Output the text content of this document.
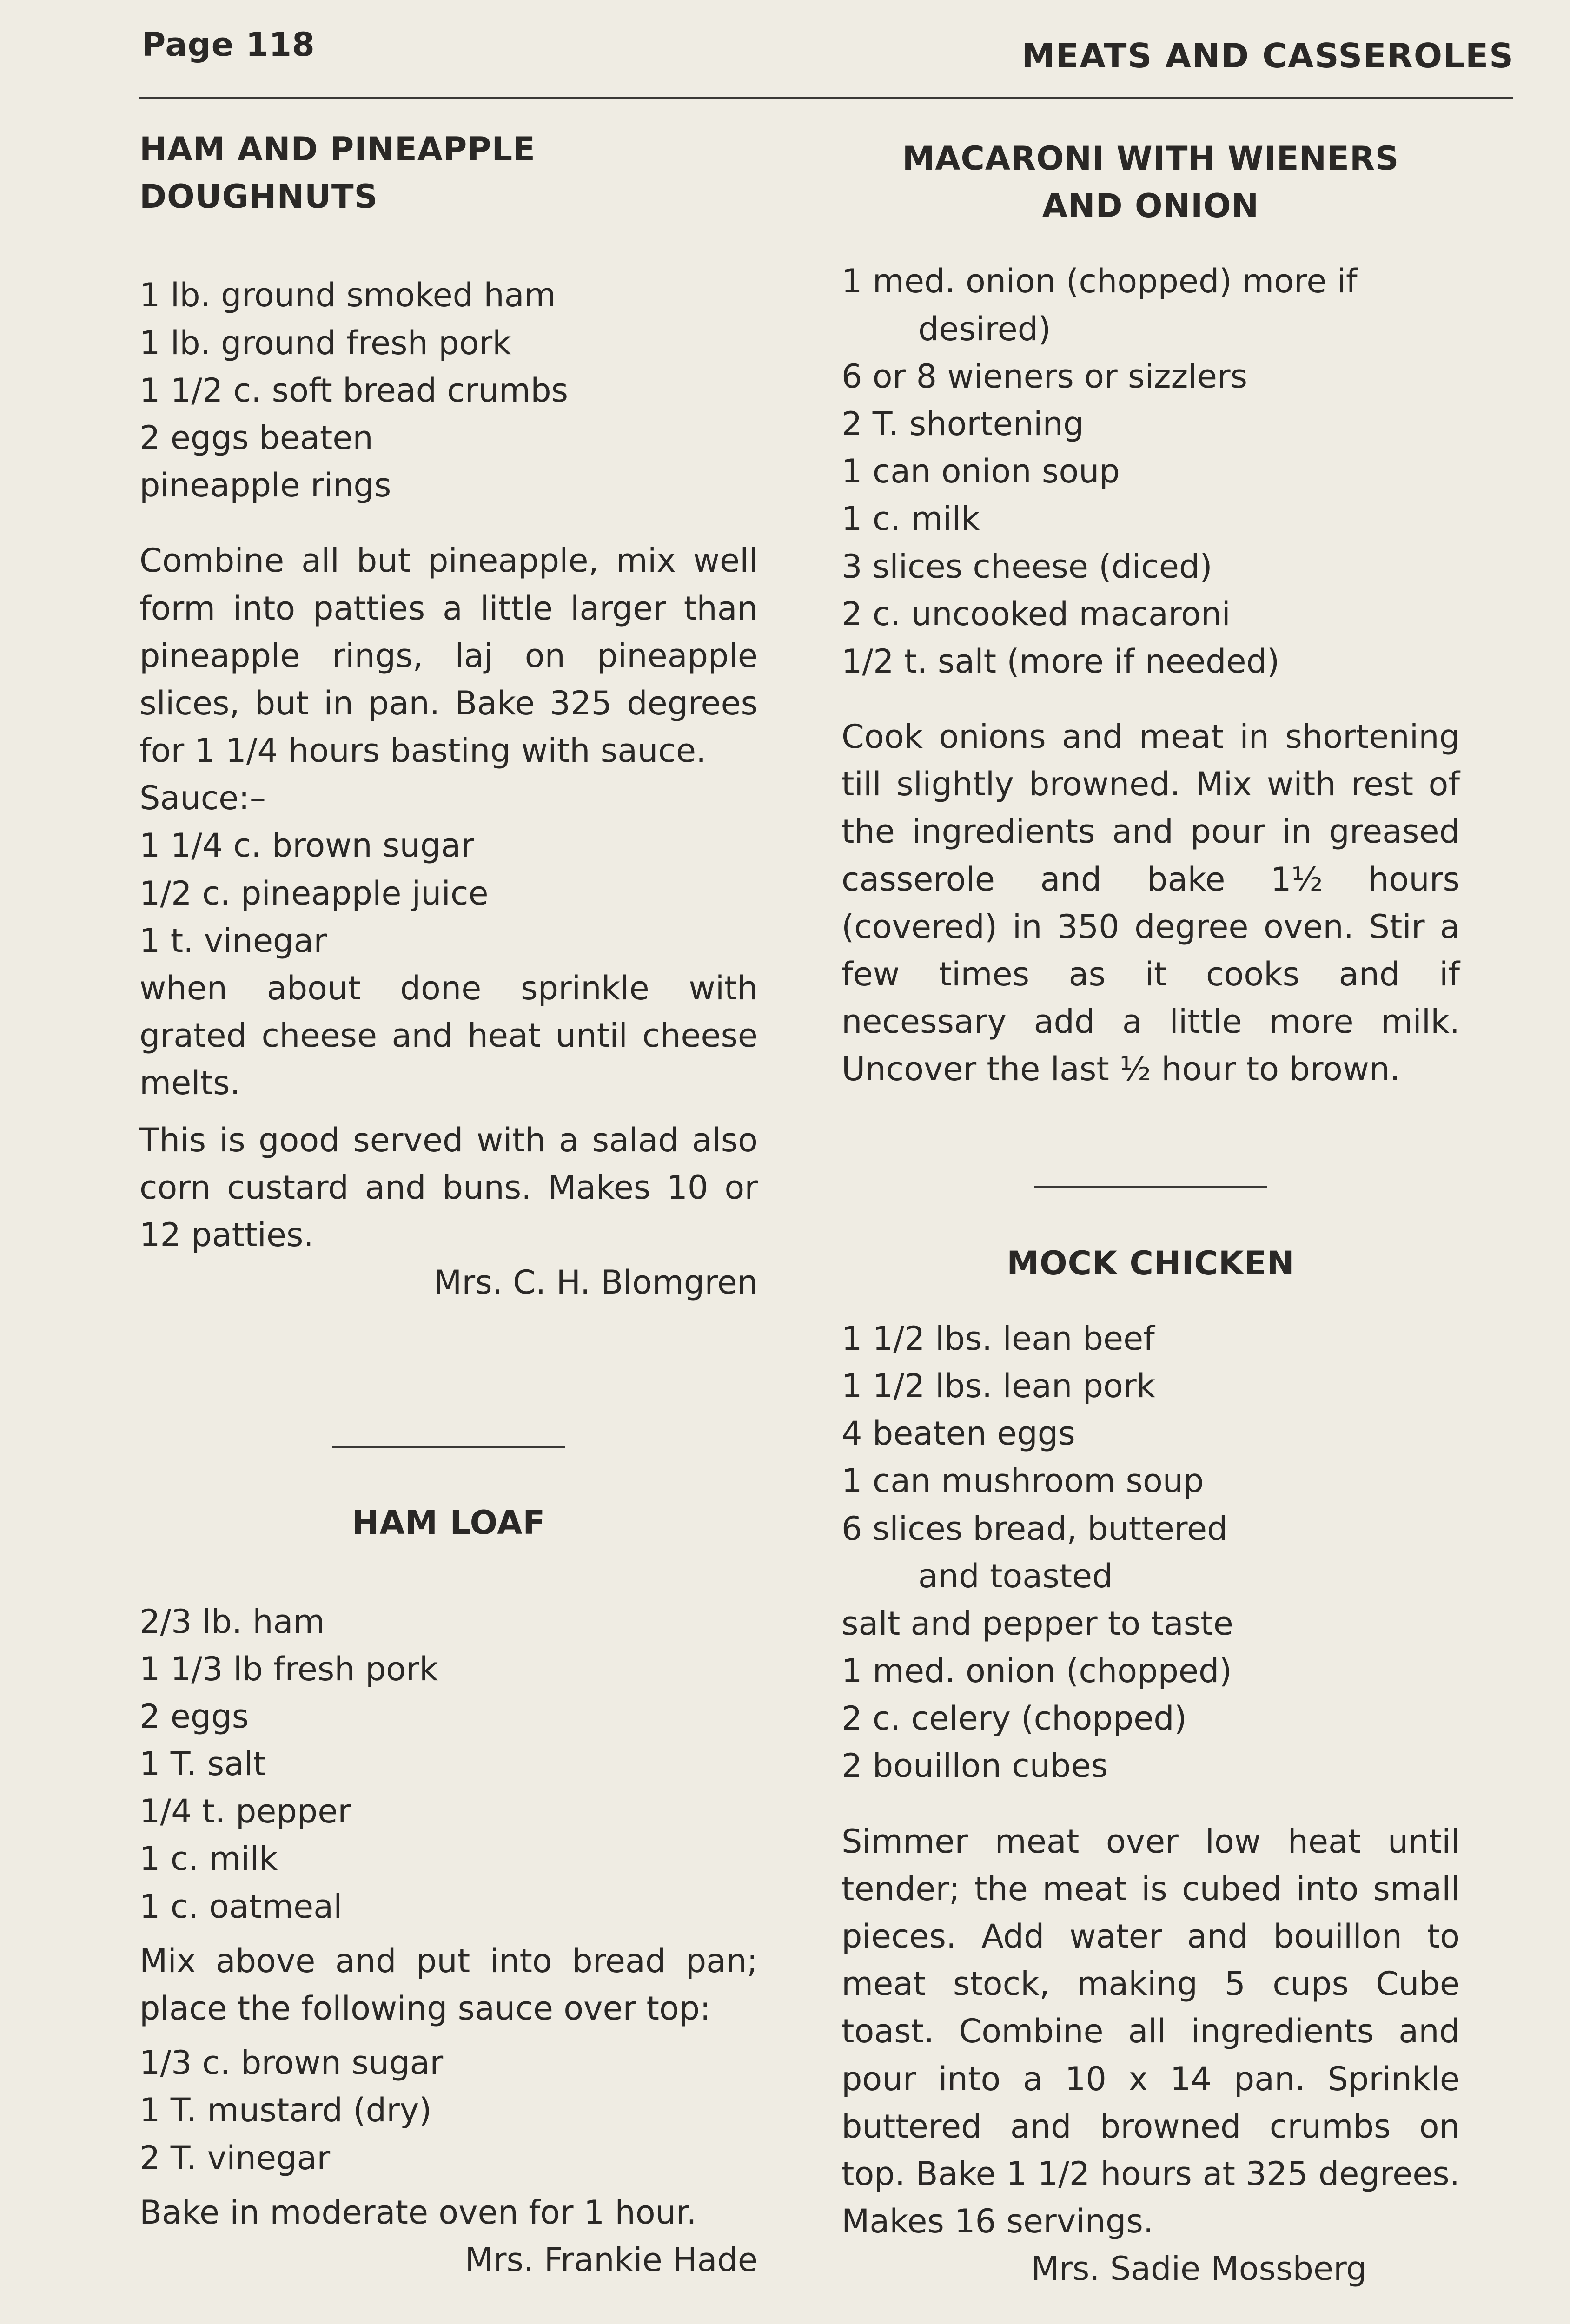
Page 118	MEATS AND CASSEROLES
HAM AND PINEAPPLE DOUGHNUTS
1 lb. ground smoked ham
1 lb. ground fresh pork
1 1/2 c. soft bread crumbs
2 eggs beaten
pineapple rings
Combine all but pineapple, mix well form into patties a little larger than pineapple rings, laj on pineapple slices, but in pan. Bake 325 degrees for 1 1/4 hours basting with sauce.
Sauce:–
1 1/4 c. brown sugar
1/2 c. pineapple juice
1 t. vinegar
when about done sprinkle with grated cheese and heat until cheese melts.
This is good served with a salad also corn custard and buns. Makes 10 or 12 patties.
Mrs. C. H. Blomgren
HAM LOAF
2/3 lb. ham
1 1/3 lb fresh pork
2 eggs
1 T. salt
1/4 t. pepper
1 c. milk
1 c. oatmeal
Mix above and put into bread pan; place the following sauce over top:
1/3 c. brown sugar
1 T. mustard (dry)
2 T. vinegar
Bake in moderate oven for 1 hour.
Mrs. Frankie Hade
MACARONI WITH WIENERS
AND ONION
1 med. onion (chopped) more if
desired)
6 or 8 wieners or sizzlers
2 T. shortening
1 can onion soup
1 c. milk
3 slices cheese (diced)
2 c. uncooked macaroni
1/2 t. salt (more if needed)
Cook onions and meat in shortening till slightly browned. Mix with rest of the ingredients and pour in greased casserole and bake 1½ hours (covered) in 350 degree oven. Stir a few times as it cooks and if necessary add a little more milk. Uncover the last ½ hour to brown.
MOCK CHICKEN
1 1/2 lbs. lean beef
1 1/2 lbs. lean pork
4 beaten eggs
1 can mushroom soup
6 slices bread, buttered
and toasted
salt and pepper to taste
1 med. onion (chopped)
2 c. celery (chopped)
2 bouillon cubes
Simmer meat over low heat until tender; the meat is cubed into small pieces. Add water and bouillon to meat stock, making 5 cups Cube toast. Combine all ingredients and pour into a 10 x 14 pan. Sprinkle buttered and browned crumbs on top. Bake 1 1/2 hours at 325 degrees. Makes 16 servings.
Mrs. Sadie Mossberg
